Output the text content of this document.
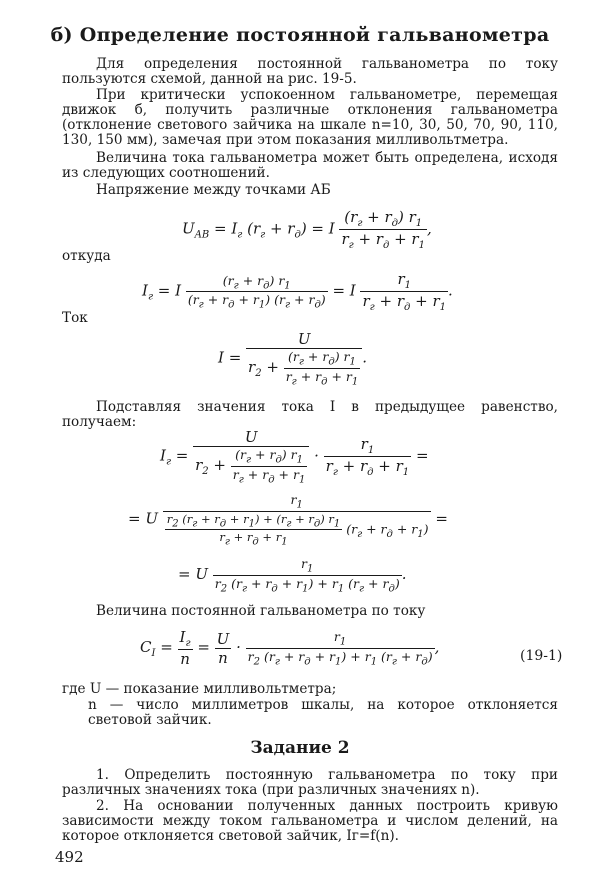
б) Определение постоянной гальванометра
Для определения постоянной гальванометра по току пользуются схемой, данной на рис. 19-5.
При критически успокоенном гальванометре, перемещая движок б, получить различные отклонения гальванометра (отклонение светового зайчика на шкале n=10, 30, 50, 70, 90, 110, 130, 150 мм), замечая при этом показания милливольтметра.
Величина тока гальванометра может быть определена, исходя из следующих соотношений.
Напряжение между точками АБ
$U_{AB} = I_г$ $(r_г + r_д) = I \frac{(r_г + r_д) r_1}{r_г + r_д + r_1}$ ,
откуда
$I_г = I \frac{(r_г + r_д) r_1}{(r_г + r_д + r_1) (r_г + r_д)} = I \frac{r_1}{r_г + r_д + r_1}$ .
Ток
$I = \frac{U}{r_2 + \frac{(r_г + r_д) r_1}{r_г + r_д + r_1}}$ .
Подставляя значения тока I в предыдущее равенство, получаем:
$I_г = \frac{U}{r_2 + \frac{(r_г + r_д) r_1}{r_г + r_д + r_1}} \cdot \frac{r_1}{r_г + r_д + r_1}$ =
= U $\frac{r_1}{\frac{r_2 (r_г + r_д + r_1) + (r_г + r_д) r_1}{r_г + r_д + r_1} (r_г + r_д + r_1)}$ =
= U $\frac{r_1}{r_2 (r_г + r_д + r_1) + r_1 (r_г + r_д)}$ .
Величина постоянной гальванометра по току
$C_I = \frac{I_г}{n} = \frac{U}{n} \cdot \frac{r_1}{r_2 (r_г + r_д + r_1) + r_1 (r_г + r_д)}$ ,	(19-1)
где U — показание милливольтметра;
n — число миллиметров шкалы, на которое отклоняется световой зайчик.
Задание 2
1. Определить постоянную гальванометра по току при различных значениях тока (при различных значениях n).
2. На основании полученных данных построить кривую зависимости между током гальванометра и числом делений, на которое отклоняется световой зайчик, Iг=f(n).
492
